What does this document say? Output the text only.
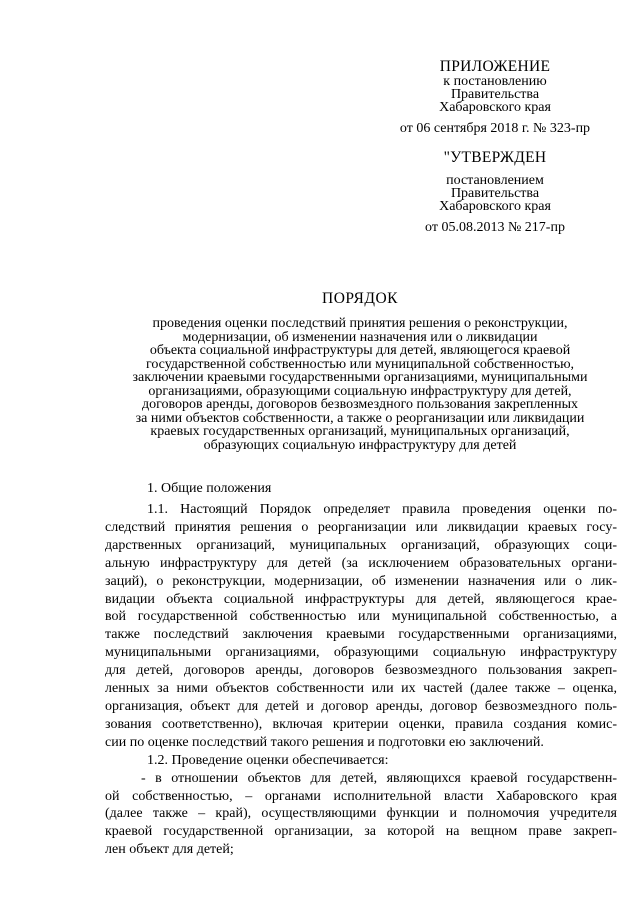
ПРИЛОЖЕНИЕ
к постановлению
Правительства
Хабаровского края
от 06 сентября 2018 г. № 323-пр
"УТВЕРЖДЕН
постановлением
Правительства
Хабаровского края
от 05.08.2013 № 217-пр
ПОРЯДОК
проведения оценки последствий принятия решения о реконструкции,
модернизации, об изменении назначения или о ликвидации
объекта социальной инфраструктуры для детей, являющегося краевой
государственной собственностью или муниципальной собственностью,
заключении краевыми государственными организациями, муниципальными
организациями, образующими социальную инфраструктуру для детей,
договоров аренды, договоров безвозмездного пользования закрепленных
за ними объектов собственности, а также о реорганизации или ликвидации
краевых государственных организаций, муниципальных организаций,
образующих социальную инфраструктуру для детей
1. Общие положения
1.1. Настоящий Порядок определяет правила проведения оценки по-
следствий принятия решения о реорганизации или ликвидации краевых госу-
дарственных организаций, муниципальных организаций, образующих соци-
альную инфраструктуру для детей (за исключением образовательных органи-
заций), о реконструкции, модернизации, об изменении назначения или о лик-
видации объекта социальной инфраструктуры для детей, являющегося крае-
вой государственной собственностью или муниципальной собственностью, а
также последствий заключения краевыми государственными организациями,
муниципальными организациями, образующими социальную инфраструктуру
для детей, договоров аренды, договоров безвозмездного пользования закреп-
ленных за ними объектов собственности или их частей (далее также – оценка,
организация, объект для детей и договор аренды, договор безвозмездного поль-
зования соответственно), включая критерии оценки, правила создания комис-
сии по оценке последствий такого решения и подготовки ею заключений.
1.2. Проведение оценки обеспечивается:
- в отношении объектов для детей, являющихся краевой государственн-
ой собственностью, – органами исполнительной власти Хабаровского края
(далее также – край), осуществляющими функции и полномочия учредителя
краевой государственной организации, за которой на вещном праве закреп-
лен объект для детей;
